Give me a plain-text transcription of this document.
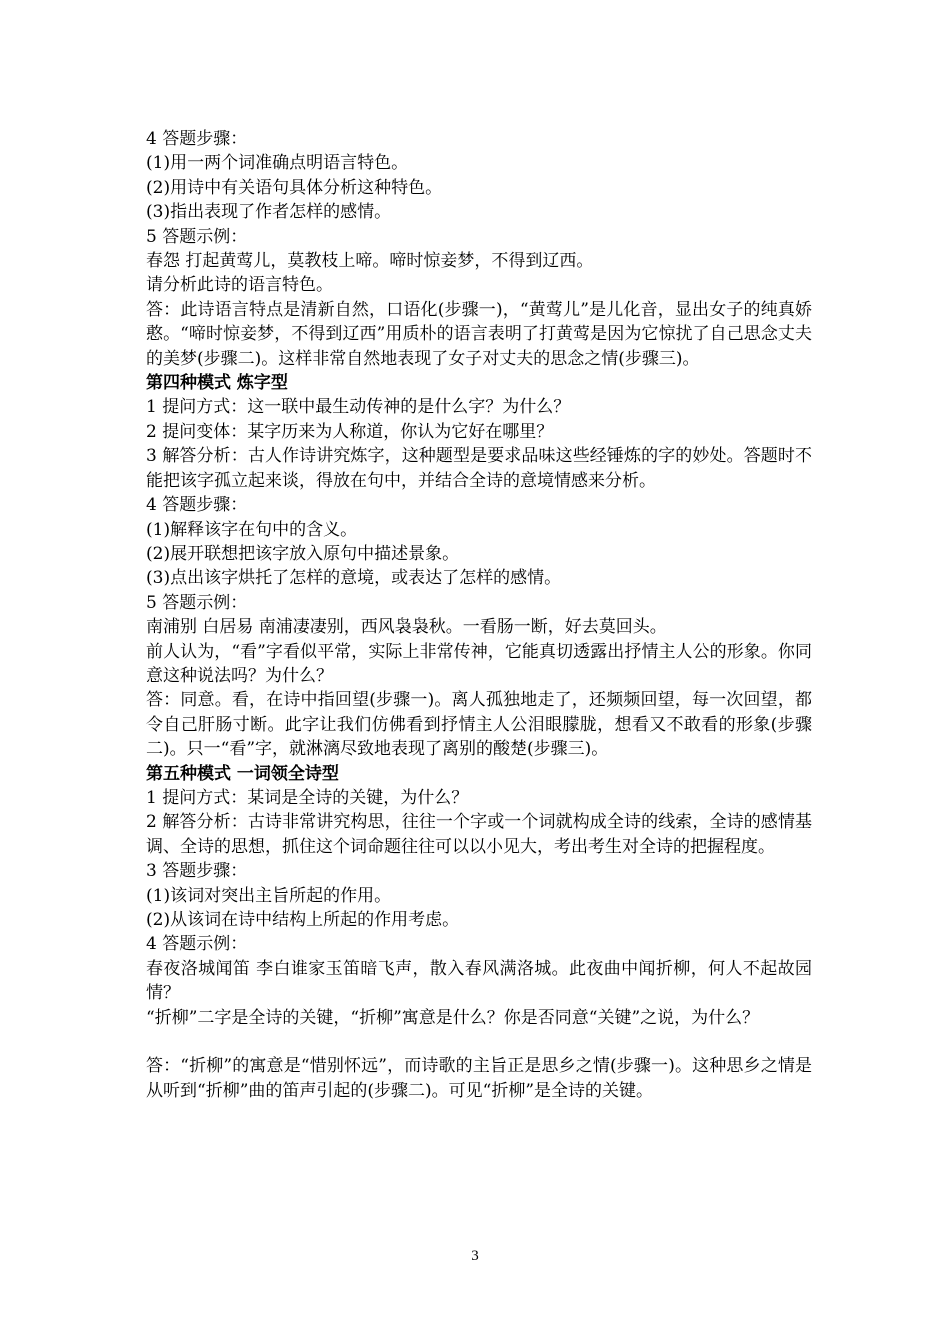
4 答题步骤：

(1)用一两个词准确点明语言特色。

(2)用诗中有关语句具体分析这种特色。

(3)指出表现了作者怎样的感情。

5 答题示例：

春怨 打起黄莺儿，莫教枝上啼。啼时惊妾梦，不得到辽西。

请分析此诗的语言特色。

答：此诗语言特点是清新自然，口语化(步骤一)，“黄莺儿”是儿化音，显出女子的纯真娇憨。“啼时惊妾梦，不得到辽西”用质朴的语言表明了打黄莺是因为它惊扰了自己思念丈夫的美梦(步骤二)。这样非常自然地表现了女子对丈夫的思念之情(步骤三)。

第四种模式 炼字型

1 提问方式：这一联中最生动传神的是什么字？为什么？

2 提问变体：某字历来为人称道，你认为它好在哪里？

3 解答分析：古人作诗讲究炼字，这种题型是要求品味这些经锤炼的字的妙处。答题时不能把该字孤立起来谈，得放在句中，并结合全诗的意境情感来分析。

4 答题步骤：

(1)解释该字在句中的含义。

(2)展开联想把该字放入原句中描述景象。

(3)点出该字烘托了怎样的意境，或表达了怎样的感情。

5 答题示例：

南浦别 白居易 南浦凄凄别，西风袅袅秋。一看肠一断，好去莫回头。

前人认为，“看”字看似平常，实际上非常传神，它能真切透露出抒情主人公的形象。你同意这种说法吗？为什么？

答：同意。看，在诗中指回望(步骤一)。离人孤独地走了，还频频回望，每一次回望，都令自己肝肠寸断。此字让我们仿佛看到抒情主人公泪眼朦胧，想看又不敢看的形象(步骤二)。只一“看”字，就淋漓尽致地表现了离别的酸楚(步骤三)。

第五种模式 一词领全诗型

1 提问方式：某词是全诗的关键，为什么？

2 解答分析：古诗非常讲究构思，往往一个字或一个词就构成全诗的线索，全诗的感情基调、全诗的思想，抓住这个词命题往往可以以小见大，考出考生对全诗的把握程度。

3 答题步骤：

(1)该词对突出主旨所起的作用。

(2)从该词在诗中结构上所起的作用考虑。

4 答题示例：

春夜洛城闻笛 李白谁家玉笛暗飞声，散入春风满洛城。此夜曲中闻折柳，何人不起故园情？

“折柳”二字是全诗的关键，“折柳”寓意是什么？你是否同意“关键”之说，为什么？

答：“折柳”的寓意是“惜别怀远”，而诗歌的主旨正是思乡之情(步骤一)。这种思乡之情是从听到“折柳”曲的笛声引起的(步骤二)。可见“折柳”是全诗的关键。

3
